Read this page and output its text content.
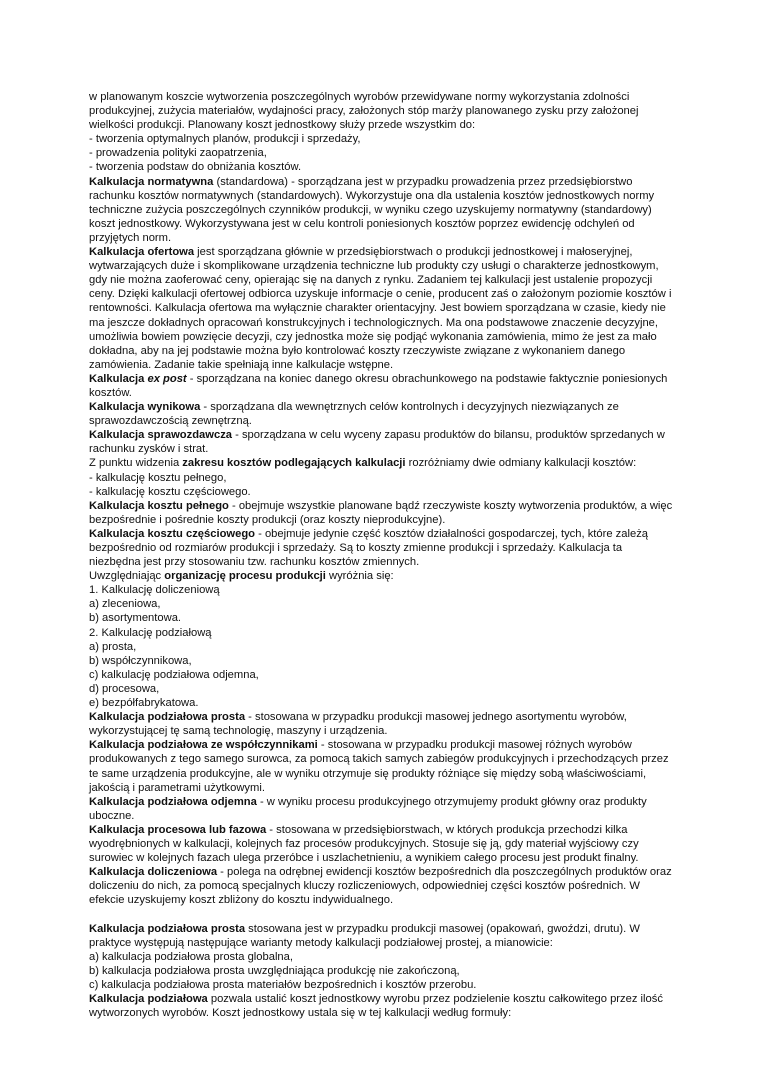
w planowanym koszcie wytworzenia poszczególnych wyrobów przewidywane normy wykorzystania zdolności produkcyjnej, zużycia materiałów, wydajności pracy, założonych stóp marży planowanego zysku przy założonej wielkości produkcji. Planowany koszt jednostkowy służy przede wszystkim do:

- tworzenia optymalnych planów, produkcji i sprzedaży,

- prowadzenia polityki zaopatrzenia,

- tworzenia podstaw do obniżania kosztów.

Kalkulacja normatywna (standardowa) - sporządzana jest w przypadku prowadzenia przez przedsiębiorstwo rachunku kosztów normatywnych (standardowych). Wykorzystuje ona dla ustalenia kosztów jednostkowych normy techniczne zużycia poszczególnych czynników produkcji, w wyniku czego uzyskujemy normatywny (standardowy) koszt jednostkowy. Wykorzystywana jest w celu kontroli poniesionych kosztów poprzez ewidencję odchyleń od przyjętych norm.

Kalkulacja ofertowa jest sporządzana głównie w przedsiębiorstwach o produkcji jednostkowej i małoseryjnej, wytwarzających duże i skomplikowane urządzenia techniczne lub produkty czy usługi o charakterze jednostkowym, gdy nie można zaoferować ceny, opierając się na danych z rynku. Zadaniem tej kalkulacji jest ustalenie propozycji ceny. Dzięki kalkulacji ofertowej odbiorca uzyskuje informacje o cenie, producent zaś o założonym poziomie kosztów i rentowności. Kalkulacja ofertowa ma wyłącznie charakter orientacyjny. Jest bowiem sporządzana w czasie, kiedy nie ma jeszcze dokładnych opracowań konstrukcyjnych i technologicznych. Ma ona podstawowe znaczenie decyzyjne, umożliwia bowiem powzięcie decyzji, czy jednostka może się podjąć wykonania zamówienia, mimo że jest za mało dokładna, aby na jej podstawie można było kontrolować koszty rzeczywiste związane z wykonaniem danego zamówienia. Zadanie takie spełniają inne kalkulacje wstępne.

Kalkulacja ex post - sporządzana na koniec danego okresu obrachunkowego na podstawie faktycznie poniesionych kosztów.

Kalkulacja wynikowa - sporządzana dla wewnętrznych celów kontrolnych i decyzyjnych niezwiązanych ze sprawozdawczością zewnętrzną.

Kalkulacja sprawozdawcza - sporządzana w celu wyceny zapasu produktów do bilansu, produktów sprzedanych w rachunku zysków i strat.

Z punktu widzenia zakresu kosztów podlegających kalkulacji rozróżniamy dwie odmiany kalkulacji kosztów:

- kalkulację kosztu pełnego,

- kalkulację kosztu częściowego.

Kalkulacja kosztu pełnego - obejmuje wszystkie planowane bądź rzeczywiste koszty wytworzenia produktów, a więc bezpośrednie i pośrednie koszty produkcji (oraz koszty nieprodukcyjne).

Kalkulacja kosztu częściowego - obejmuje jedynie część kosztów działalności gospodarczej, tych, które zależą bezpośrednio od rozmiarów produkcji i sprzedaży. Są to koszty zmienne produkcji i sprzedaży. Kalkulacja ta niezbędna jest przy stosowaniu tzw. rachunku kosztów zmiennych.

Uwzględniając organizację procesu produkcji wyróżnia się:

1. Kalkulację doliczeniową

a) zleceniowa,

b) asortymentowa.

2. Kalkulację podziałową

a) prosta,

b) współczynnikowa,

c) kalkulację podziałowa odjemna,

d) procesowa,

e) bezpółfabrykatowa.

Kalkulacja podziałowa prosta - stosowana w przypadku produkcji masowej jednego asortymentu wyrobów, wykorzystującej tę samą technologię, maszyny i urządzenia.

Kalkulacja podziałowa ze współczynnikami - stosowana w przypadku produkcji masowej różnych wyrobów produkowanych z tego samego surowca, za pomocą takich samych zabiegów produkcyjnych i przechodzących przez te same urządzenia produkcyjne, ale w wyniku otrzymuje się produkty różniące się między sobą właściwościami, jakością i parametrami użytkowymi.

Kalkulacja podziałowa odjemna - w wyniku procesu produkcyjnego otrzymujemy produkt główny oraz produkty uboczne.

Kalkulacja procesowa lub fazowa - stosowana w przedsiębiorstwach, w których produkcja przechodzi kilka wyodrębnionych w kalkulacji, kolejnych faz procesów produkcyjnych. Stosuje się ją, gdy materiał wyjściowy czy surowiec w kolejnych fazach ulega przeróbce i uszlachetnieniu, a wynikiem całego procesu jest produkt finalny.

Kalkulacja doliczeniowa - polega na odrębnej ewidencji kosztów bezpośrednich dla poszczególnych produktów oraz doliczeniu do nich, za pomocą specjalnych kluczy rozliczeniowych, odpowiedniej części kosztów pośrednich. W efekcie uzyskujemy koszt zbliżony do kosztu indywidualnego.

Kalkulacja podziałowa prosta stosowana jest w przypadku produkcji masowej (opakowań, gwoździ, drutu). W praktyce występują następujące warianty metody kalkulacji podziałowej prostej, a mianowicie:

a) kalkulacja podziałowa prosta globalna,

b) kalkulacja podziałowa prosta uwzględniająca produkcję nie zakończoną,

c) kalkulacja podziałowa prosta materiałów bezpośrednich i kosztów przerobu.

Kalkulacja podziałowa pozwala ustalić koszt jednostkowy wyrobu przez podzielenie kosztu całkowitego przez ilość wytworzonych wyrobów. Koszt jednostkowy ustala się w tej kalkulacji według formuły:
